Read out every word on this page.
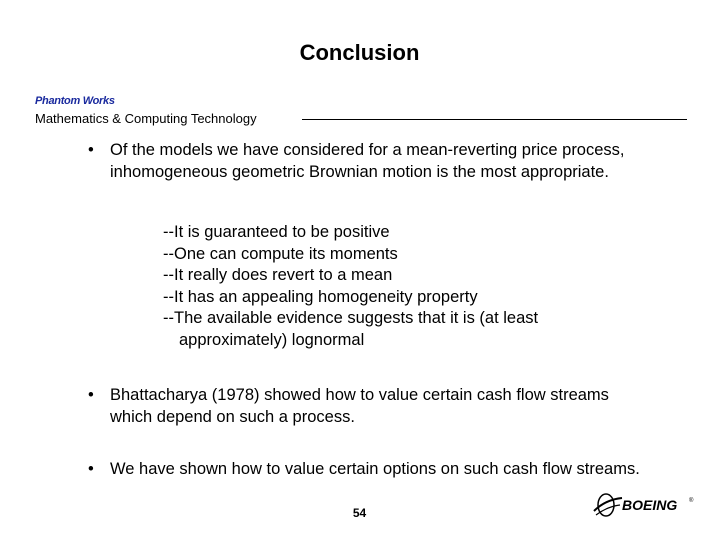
Conclusion
Phantom Works
Mathematics & Computing Technology
• Of the models we have considered for a mean-reverting price process, inhomogeneous geometric Brownian motion is the most appropriate.
--It is guaranteed to be positive
--One can compute its moments
--It really does revert to a mean
--It has an appealing homogeneity property
--The available evidence suggests that it is (at least
approximately) lognormal
• Bhattacharya (1978) showed how to value certain cash flow streams which depend on such a process.
• We have shown how to value certain options on such cash flow streams.
54	BOEING ®
